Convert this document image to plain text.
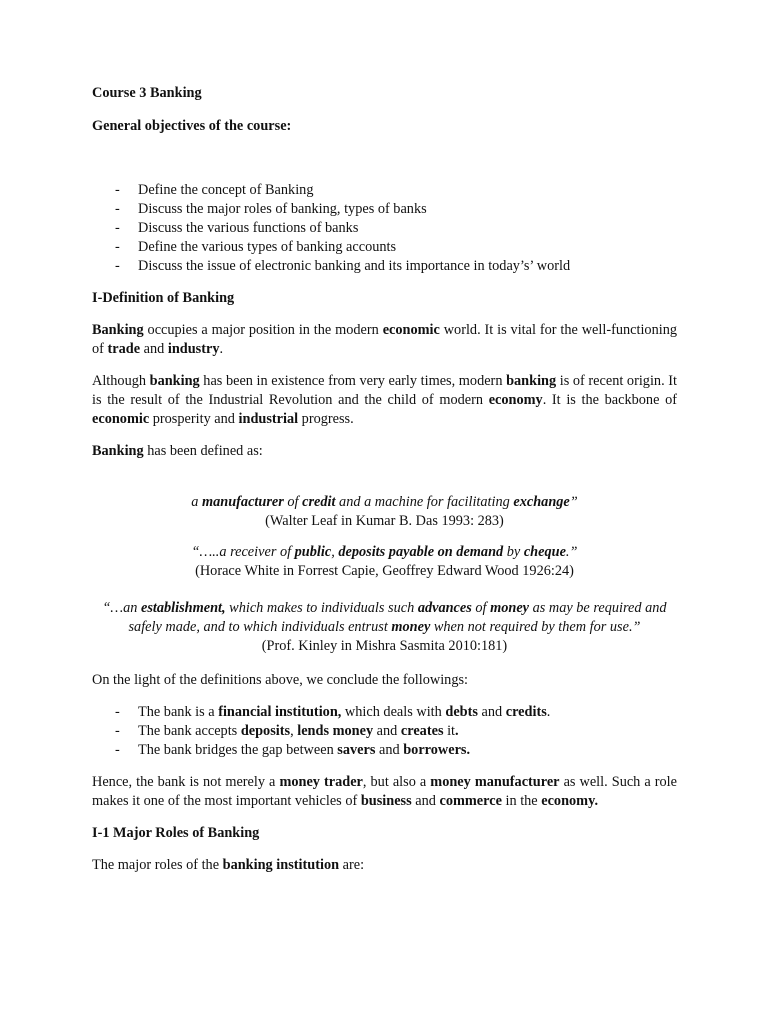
Course 3 Banking

General objectives of the course:

- Define the concept of Banking
- Discuss the major roles of banking, types of banks
- Discuss the various functions of banks
- Define the various types of banking accounts
- Discuss the issue of electronic banking and its importance in today’s’ world

I-Definition of Banking

Banking occupies a major position in the modern economic world. It is vital for the well-functioning of trade and industry.

Although banking has been in existence from very early times, modern banking is of recent origin. It is the result of the Industrial Revolution and the child of modern economy. It is the backbone of economic prosperity and industrial progress.

Banking has been defined as:

a manufacturer of credit and a machine for facilitating exchange”

(Walter Leaf in Kumar B. Das 1993: 283)

“…..a receiver of public, deposits payable on demand by cheque.”

(Horace White in Forrest Capie, Geoffrey Edward Wood 1926:24)

“…an establishment, which makes to individuals such advances of money as may be required and safely made, and to which individuals entrust money when not required by them for use.”

(Prof. Kinley in Mishra Sasmita 2010:181)

On the light of the definitions above, we conclude the followings:

- The bank is a financial institution, which deals with debts and credits.
- The bank accepts deposits, lends money and creates it.
- The bank bridges the gap between savers and borrowers.

Hence, the bank is not merely a money trader, but also a money manufacturer as well. Such a role makes it one of the most important vehicles of business and commerce in the economy.

I-1 Major Roles of Banking

The major roles of the banking institution are:
